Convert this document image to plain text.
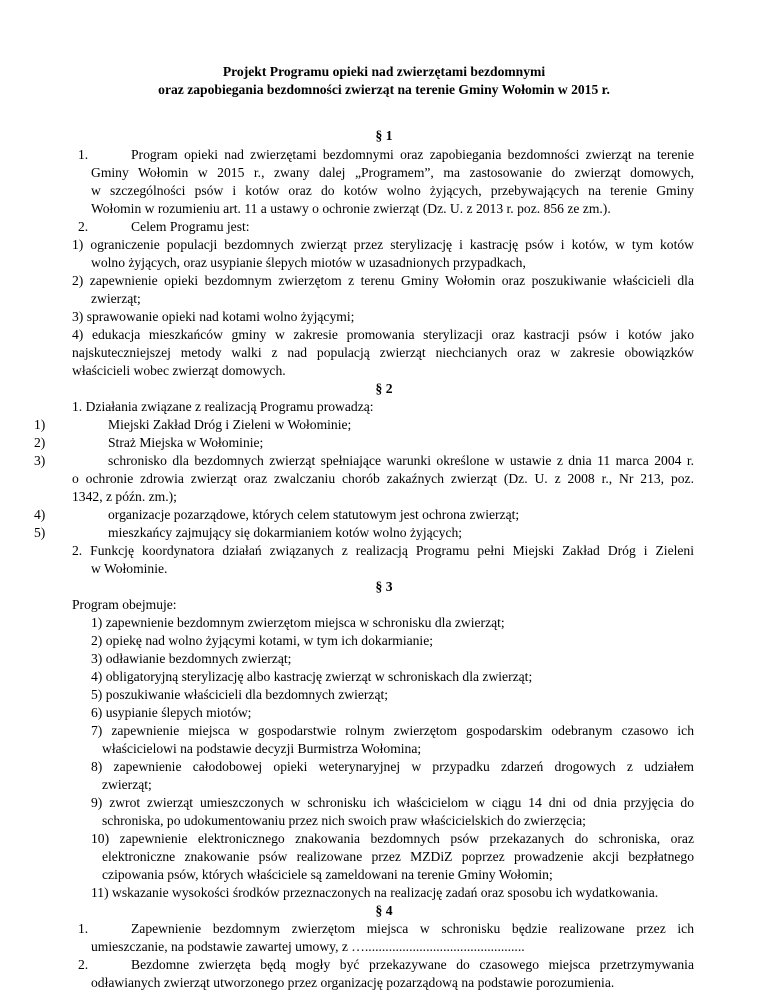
Projekt Programu opieki nad zwierzętami bezdomnymi
oraz zapobiegania bezdomności zwierząt na terenie Gminy Wołomin w 2015 r.
§ 1
1.	Program opieki nad zwierzętami bezdomnymi oraz zapobiegania bezdomności zwierząt na terenie
Gminy Wołomin w 2015 r., zwany dalej „Programem”, ma zastosowanie do zwierząt domowych,
w szczególności psów i kotów oraz do kotów wolno żyjących, przebywających na terenie Gminy
Wołomin w rozumieniu art. 11 a ustawy o ochronie zwierząt (Dz. U. z 2013 r. poz. 856 ze zm.).
2.	Celem Programu jest:
1) ograniczenie populacji bezdomnych zwierząt przez sterylizację i kastrację psów i kotów, w tym kotów
wolno żyjących, oraz usypianie ślepych miotów w uzasadnionych przypadkach,
2) zapewnienie opieki bezdomnym zwierzętom z terenu Gminy Wołomin oraz poszukiwanie właścicieli dla
zwierząt;
3) sprawowanie opieki nad kotami wolno żyjącymi;
4) edukacja mieszkańców gminy w zakresie promowania sterylizacji oraz kastracji psów i kotów jako
najskuteczniejszej metody walki z nad populacją zwierząt niechcianych oraz w zakresie obowiązków
właścicieli wobec zwierząt domowych.
§ 2
1. Działania związane z realizacją Programu prowadzą:
1)	Miejski Zakład Dróg i Zieleni w Wołominie;
2)	Straż Miejska w Wołominie;
3)	schronisko dla bezdomnych zwierząt spełniające warunki określone w ustawie z dnia 11 marca 2004 r.
o ochronie zdrowia zwierząt oraz zwalczaniu chorób zakaźnych zwierząt (Dz. U. z 2008 r., Nr 213, poz.
1342, z późn. zm.);
4)	organizacje pozarządowe, których celem statutowym jest ochrona zwierząt;
5)	mieszkańcy zajmujący się dokarmianiem kotów wolno żyjących;
2. Funkcję koordynatora działań związanych z realizacją Programu pełni Miejski Zakład Dróg i Zieleni
w Wołominie.
§ 3
Program obejmuje:
1) zapewnienie bezdomnym zwierzętom miejsca w schronisku dla zwierząt;
2) opiekę nad wolno żyjącymi kotami, w tym ich dokarmianie;
3) odławianie bezdomnych zwierząt;
4) obligatoryjną sterylizację albo kastrację zwierząt w schroniskach dla zwierząt;
5) poszukiwanie właścicieli dla bezdomnych zwierząt;
6) usypianie ślepych miotów;
7) zapewnienie miejsca w gospodarstwie rolnym zwierzętom gospodarskim odebranym czasowo ich
właścicielowi na podstawie decyzji Burmistrza Wołomina;
8) zapewnienie całodobowej opieki weterynaryjnej w przypadku zdarzeń drogowych z udziałem
zwierząt;
9) zwrot zwierząt umieszczonych w schronisku ich właścicielom w ciągu 14 dni od dnia przyjęcia do
schroniska, po udokumentowaniu przez nich swoich praw właścicielskich do zwierzęcia;
10) zapewnienie elektronicznego znakowania bezdomnych psów przekazanych do schroniska, oraz
elektroniczne znakowanie psów realizowane przez MZDiZ poprzez prowadzenie akcji bezpłatnego
czipowania psów, których właściciele są zameldowani na terenie Gminy Wołomin;
11) wskazanie wysokości środków przeznaczonych na realizację zadań oraz sposobu ich wydatkowania.
§ 4
1.	Zapewnienie bezdomnym zwierzętom miejsca w schronisku będzie realizowane przez ich
umieszczanie, na podstawie zawartej umowy, z …...............................................
2.	Bezdomne zwierzęta będą mogły być przekazywane do czasowego miejsca przetrzymywania
odławianych zwierząt utworzonego przez organizację pozarządową na podstawie porozumienia.
